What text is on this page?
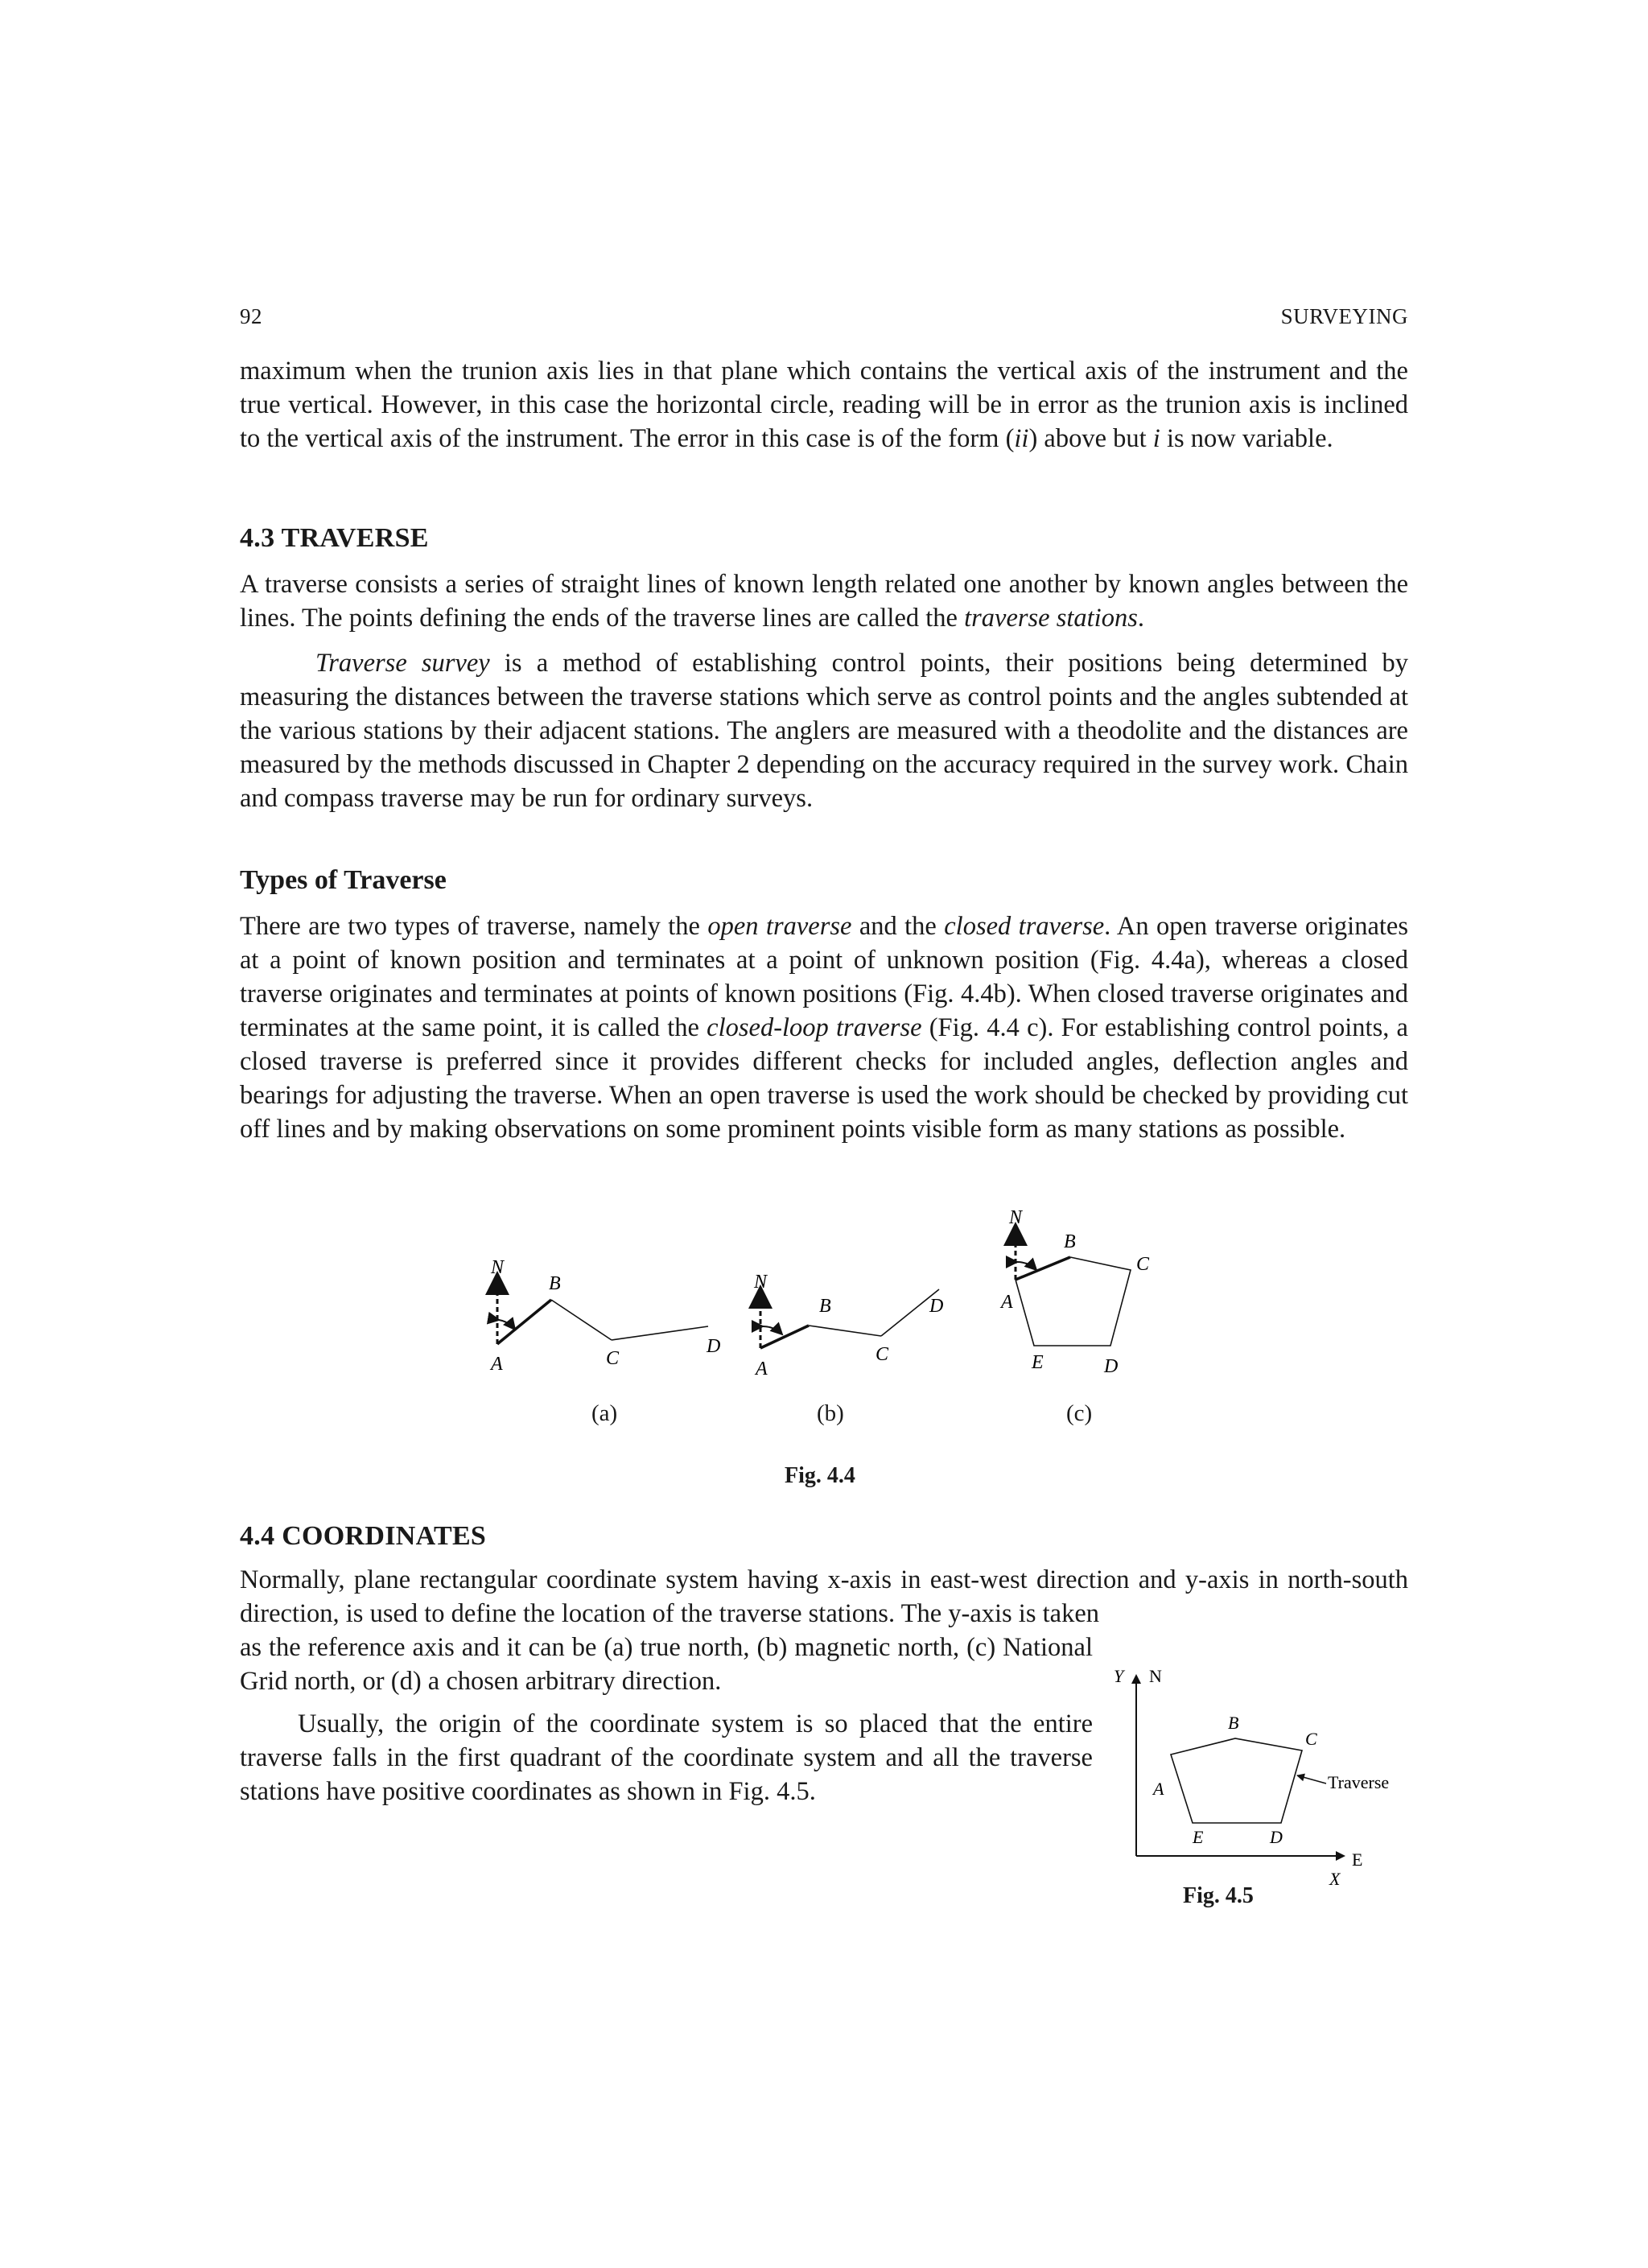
92	SURVEYING

maximum when the trunion axis lies in that plane which contains the vertical axis of the instrument and the true vertical. However, in this case the horizontal circle, reading will be in error as the trunion axis is inclined to the vertical axis of the instrument. The error in this case is of the form (ii) above but i is now variable.

4.3 TRAVERSE

A traverse consists a series of straight lines of known length related one another by known angles between the lines. The points defining the ends of the traverse lines are called the traverse stations.

Traverse survey is a method of establishing control points, their positions being determined by measuring the distances between the traverse stations which serve as control points and the angles subtended at the various stations by their adjacent stations. The anglers are measured with a theodolite and the distances are measured by the methods discussed in Chapter 2 depending on the accuracy required in the survey work. Chain and compass traverse may be run for ordinary surveys.

Types of Traverse

There are two types of traverse, namely the open traverse and the closed traverse. An open traverse originates at a point of known position and terminates at a point of unknown position (Fig. 4.4a), whereas a closed traverse originates and terminates at points of known positions (Fig. 4.4b). When closed traverse originates and terminates at the same point, it is called the closed-loop traverse (Fig. 4.4 c). For establishing control points, a closed traverse is preferred since it provides different checks for included angles, deflection angles and bearings for adjusting the traverse. When an open traverse is used the work should be checked by providing cut off lines and by making observations on some prominent points visible form as many stations as possible.

N
A
B
C
D
N
A
B
C
D
N
A
B
C
D
E
(a)	(b)	(c)
Fig. 4.4
4.4 COORDINATES

Normally, plane rectangular coordinate system having x-axis in east-west direction and y-axis in north-south direction, is used to define the location of the traverse stations. The y-axis is taken

as the reference axis and it can be (a) true north, (b) magnetic north, (c) National Grid north, or (d) a chosen arbitrary direction.

Usually, the origin of the coordinate system is so placed that the entire traverse falls in the first quadrant of the coordinate system and all the traverse stations have positive coordinates as shown in Fig. 4.5.

Y N
E
X
A
B
C
D
E
Traverse
Fig. 4.5
